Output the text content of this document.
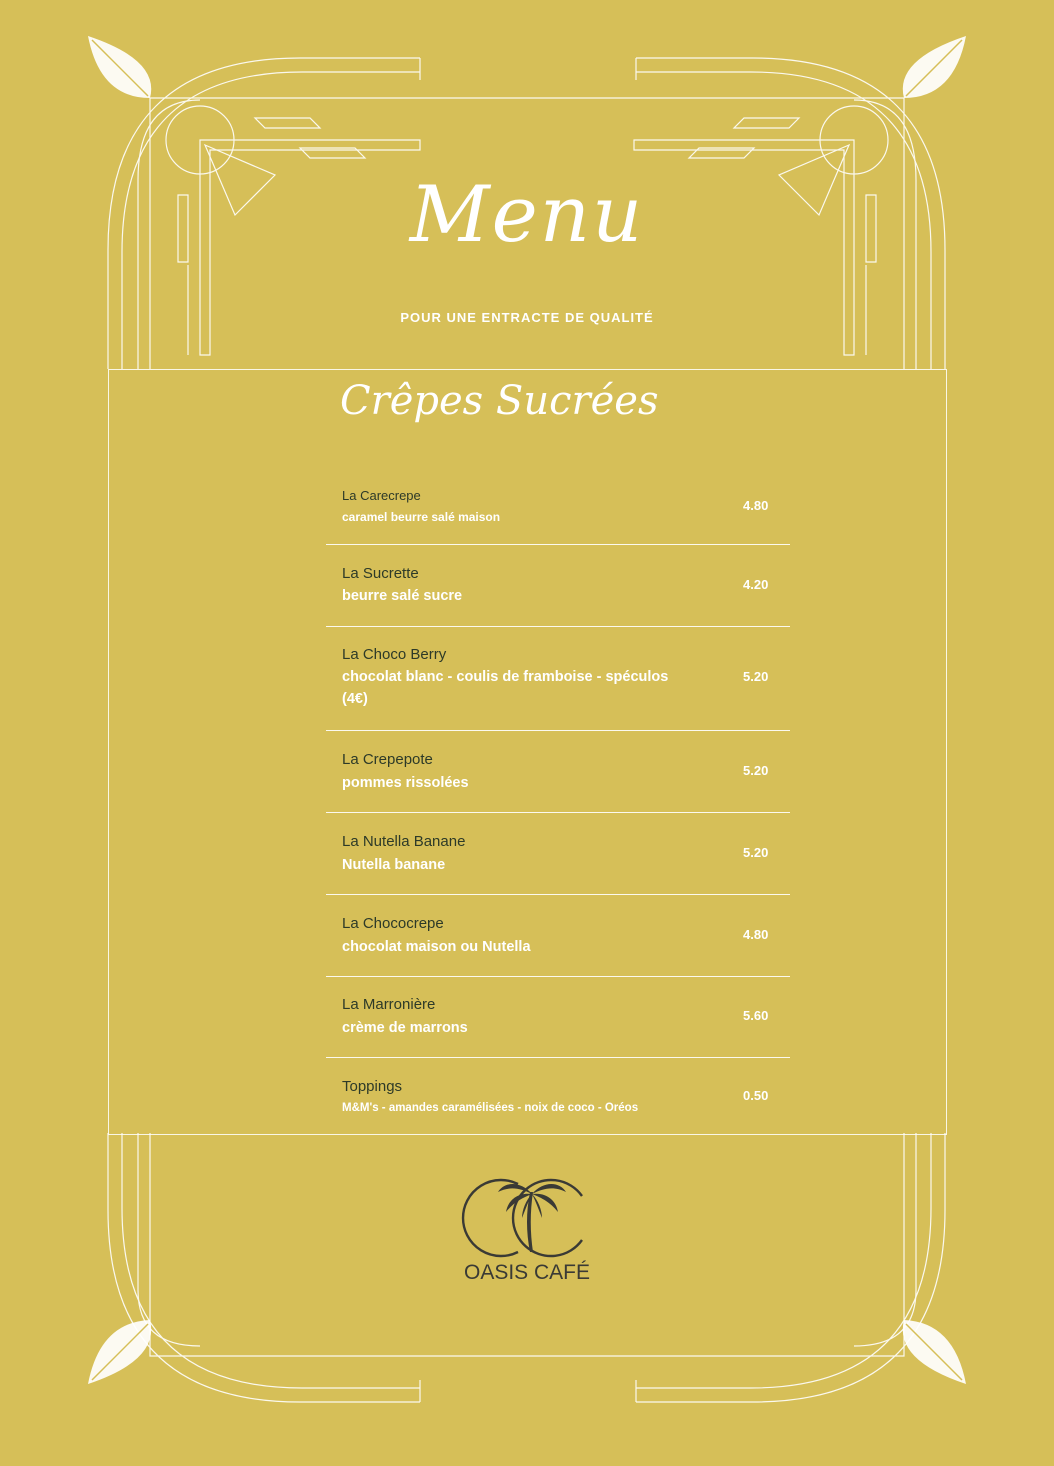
Menu
POUR UNE ENTRACTE DE QUALITÉ
Crêpes Sucrées
La Carecrepe
caramel beurre salé maison
4.80
La Sucrette
beurre salé sucre
4.20
La Choco Berry
chocolat blanc - coulis de framboise - spéculos (4€)
5.20
La Crepepote
pommes rissolées
5.20
La Nutella Banane
Nutella banane
5.20
La Chococrepe
chocolat maison ou Nutella
4.80
La Marronière
crème de marrons
5.60
Toppings
M&M's - amandes caramélisées - noix de coco - Oréos
0.50
OASIS CAFÉ
